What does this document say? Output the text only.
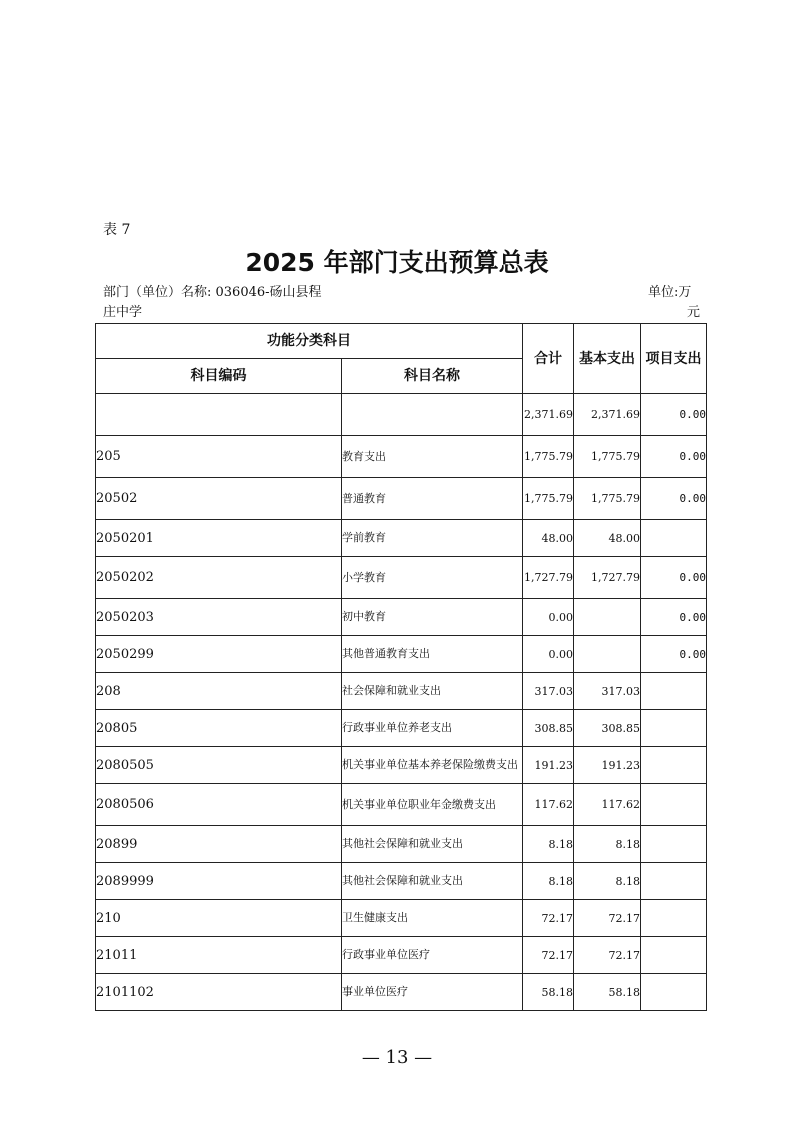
表 7
2025 年部门支出预算总表
部门（单位）名称: 036046-砀山县程
庄中学
单位:万
元
功能分类科目		合计	基本支出	项目支出
科目编码	科目名称			
		2,371.69	2,371.69	0.00
205	教育支出	1,775.79	1,775.79	0.00
20502	普通教育	1,775.79	1,775.79	0.00
2050201	学前教育	48.00	48.00	
2050202	小学教育	1,727.79	1,727.79	0.00
2050203	初中教育	0.00		0.00
2050299	其他普通教育支出	0.00		0.00
208	社会保障和就业支出	317.03	317.03	
20805	行政事业单位养老支出	308.85	308.85	
2080505	机关事业单位基本养老保险缴费支出	191.23	191.23	
2080506	机关事业单位职业年金缴费支出	117.62	117.62	
20899	其他社会保障和就业支出	8.18	8.18	
2089999	其他社会保障和就业支出	8.18	8.18	
210	卫生健康支出	72.17	72.17	
21011	行政事业单位医疗	72.17	72.17	
2101102	事业单位医疗	58.18	58.18	
— 13 —
